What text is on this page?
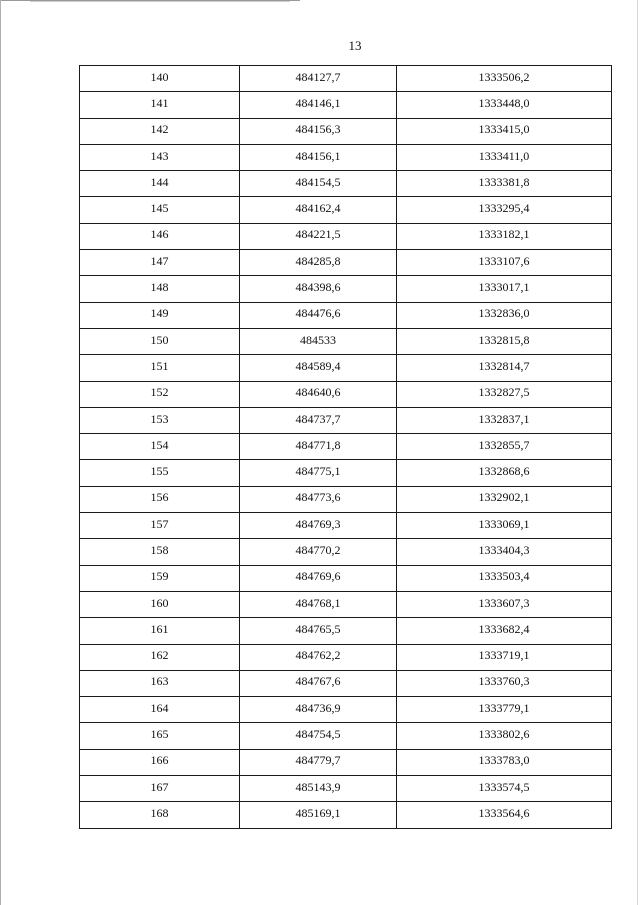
13
140	484127,7	1333506,2
141	484146,1	1333448,0
142	484156,3	1333415,0
143	484156,1	1333411,0
144	484154,5	1333381,8
145	484162,4	1333295,4
146	484221,5	1333182,1
147	484285,8	1333107,6
148	484398,6	1333017,1
149	484476,6	1332836,0
150	484533	1332815,8
151	484589,4	1332814,7
152	484640,6	1332827,5
153	484737,7	1332837,1
154	484771,8	1332855,7
155	484775,1	1332868,6
156	484773,6	1332902,1
157	484769,3	1333069,1
158	484770,2	1333404,3
159	484769,6	1333503,4
160	484768,1	1333607,3
161	484765,5	1333682,4
162	484762,2	1333719,1
163	484767,6	1333760,3
164	484736,9	1333779,1
165	484754,5	1333802,6
166	484779,7	1333783,0
167	485143,9	1333574,5
168	485169,1	1333564,6
